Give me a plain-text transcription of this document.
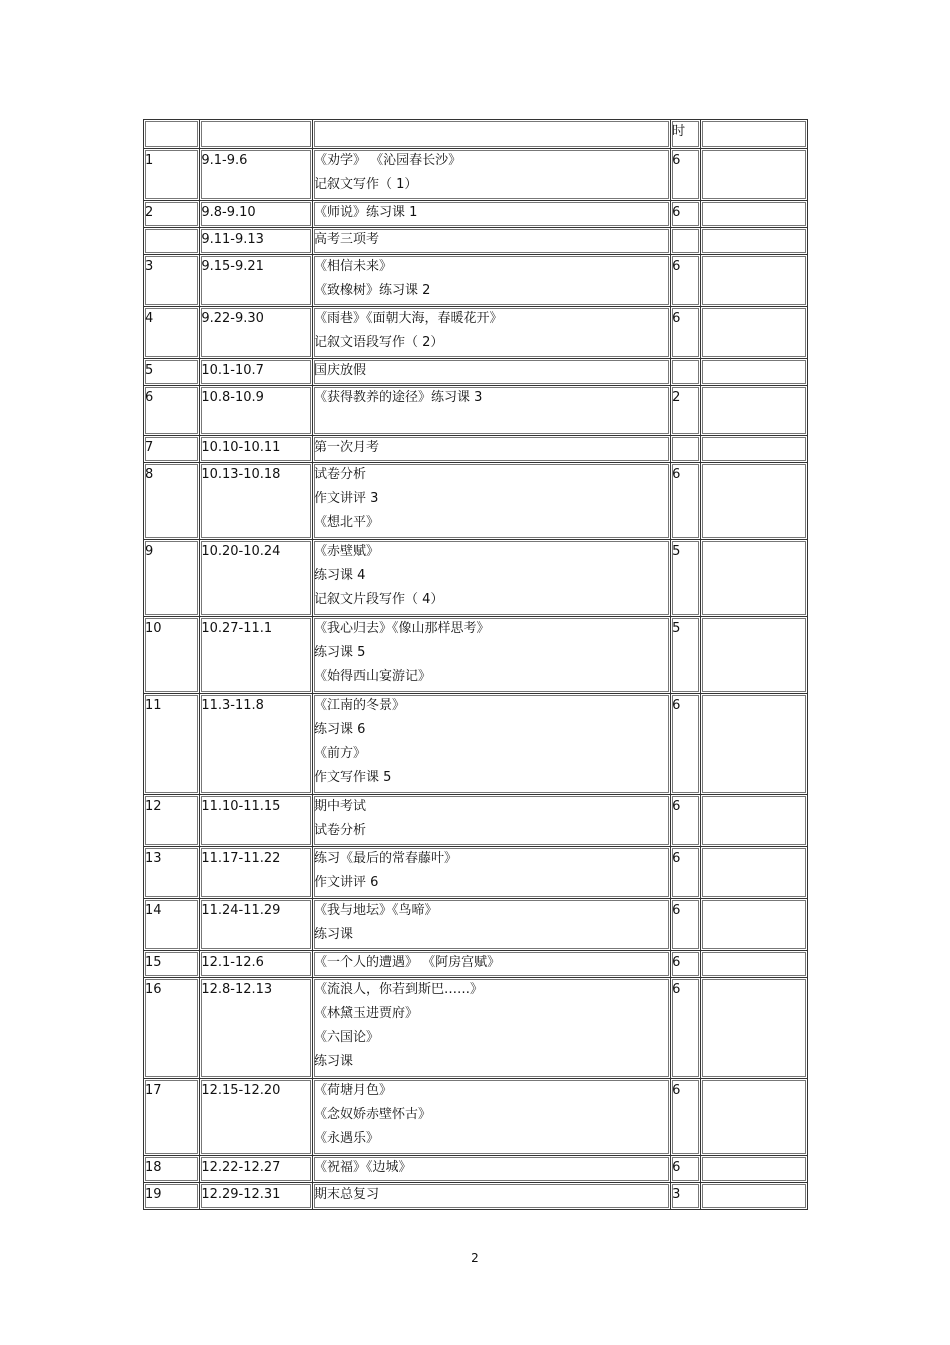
			时	
1	9.1-9.6	《劝学》 《沁园春长沙》
记叙文写作（ 1）	6	
2	9.8-9.10	《师说》练习课 1	6	
	9.11-9.13	高考三项考		

3	9.15-9.21	《相信未来》
《致橡树》练习课 2	6	
4	9.22-9.30	《雨巷》《面朝大海，春暖花开》
记叙文语段写作（ 2）	6	
5	10.1-10.7	国庆放假		

6	10.8-10.9	《获得教养的途径》练习课 3	2	
7	10.10-10.11	第一次月考		

8	10.13-10.18	试卷分析
作文讲评 3
《想北平》	6	
9	10.20-10.24	《赤壁赋》
练习课 4
记叙文片段写作（ 4）	5	
10	10.27-11.1	《我心归去》《像山那样思考》
练习课 5
《始得西山宴游记》	5	
11	11.3-11.8	《江南的冬景》
练习课 6
《前方》
作文写作课 5	6	
12	11.10-11.15	期中考试
试卷分析	6	
13	11.17-11.22	练习《最后的常春藤叶》
作文讲评 6	6	
14	11.24-11.29	《我与地坛》《鸟啼》
练习课	6	
15	12.1-12.6	《一个人的遭遇》 《阿房宫赋》	6	
16	12.8-12.13	《流浪人，你若到斯巴……》
《林黛玉进贾府》
《六国论》
练习课	6	
17	12.15-12.20	《荷塘月色》
《念奴娇赤壁怀古》
《永遇乐》	6	
18	12.22-12.27	《祝福》《边城》	6	
19	12.29-12.31	期末总复习	3	
2
